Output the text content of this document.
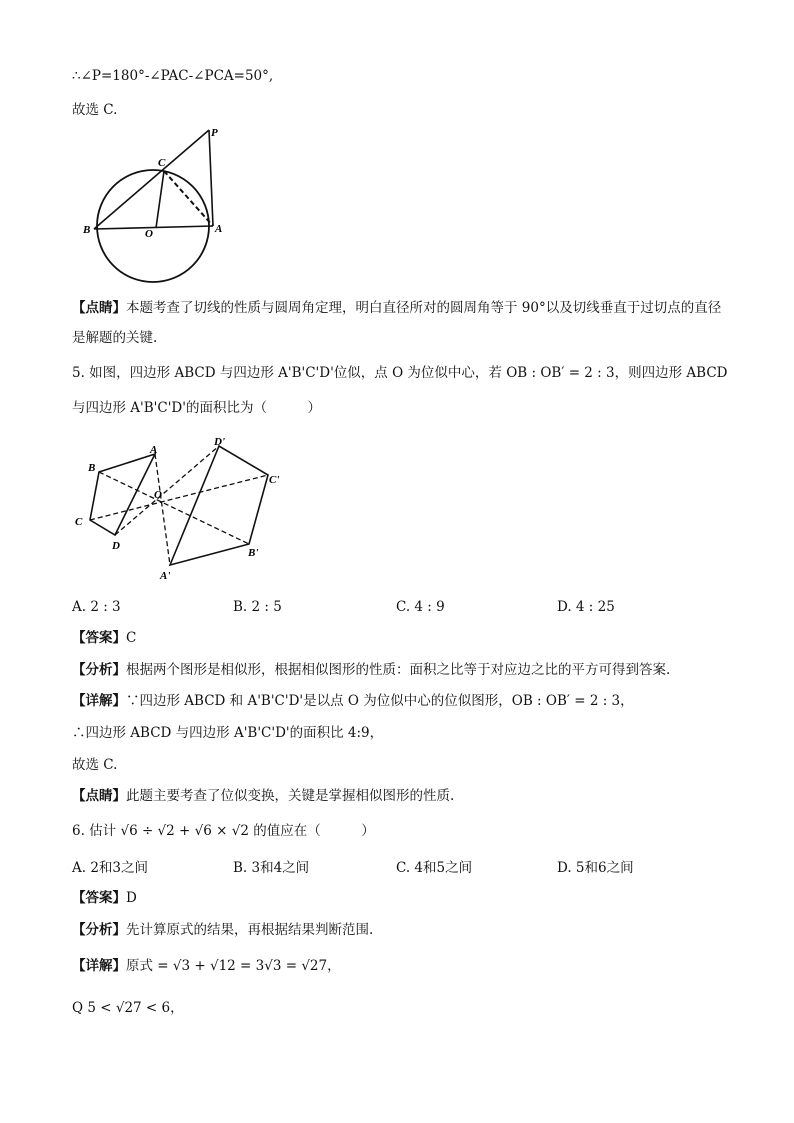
∴∠P=180°-∠PAC-∠PCA=50°,
故选 C.
P
C
B	O	A
【点睛】本题考查了切线的性质与圆周角定理，明白直径所对的圆周角等于 90°以及切线垂直于过切点的直径是解题的关键.
5. 如图，四边形 ABCD 与四边形 A'B'C'D'位似，点 O 为位似中心，若 OB : OB′ = 2 : 3，则四边形 ABCD
与四边形 A'B'C'D'的面积比为（　　　）
A
B
C
D
O
A'
B'
C'
D'
A. 2 : 3	B. 2 : 5	C. 4 : 9	D. 4 : 25
【答案】C
【分析】根据两个图形是相似形，根据相似图形的性质：面积之比等于对应边之比的平方可得到答案.
【详解】∵四边形 ABCD 和 A'B'C'D'是以点 O 为位似中心的位似图形，OB : OB′ = 2 : 3，
∴四边形 ABCD 与四边形 A'B'C'D'的面积比 4:9，
故选 C.
【点睛】此题主要考查了位似变换，关键是掌握相似图形的性质.
6. 估计 √6 ÷ √2 + √6 × √2 的值应在（　　　）
A. 2和3之间	B. 3和4之间	C. 4和5之间	D. 5和6之间
【答案】D
【分析】先计算原式的结果，再根据结果判断范围.
【详解】原式 = √3 + √12 = 3√3 = √27，
Q 5 < √27 < 6，
